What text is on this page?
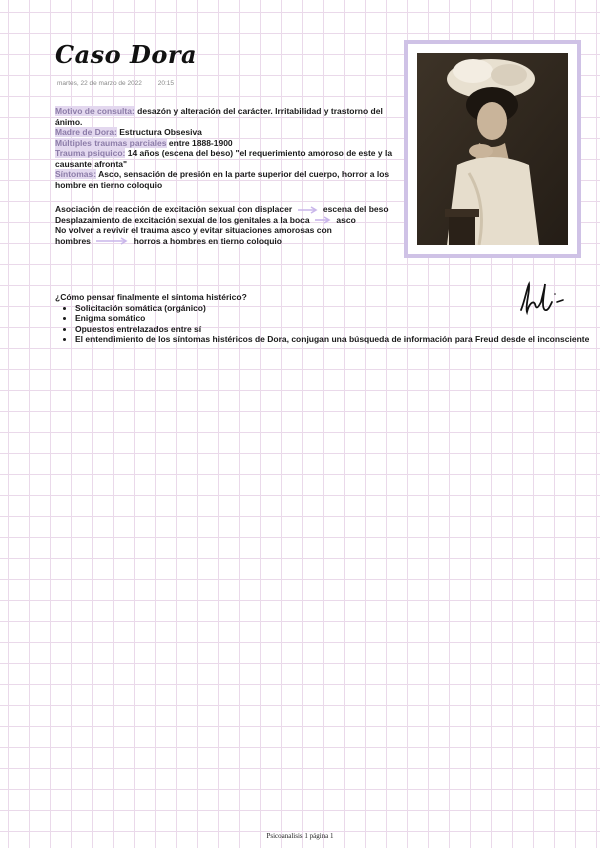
Caso Dora
martes, 22 de marzo de 2022 20:15

Motivo de consulta: desazón y alteración del carácter. Irritabilidad y trastorno del ánimo.

Madre de Dora: Estructura Obsesiva

Múltiples traumas parciales entre 1888-1900

Trauma psiquico: 14 años (escena del beso) "el requerimiento amoroso de este y la causante afronta"

Síntomas: Asco, sensación de presión en la parte superior del cuerpo, horror a los hombre en tierno coloquio

Asociación de reacción de excitación sexual con displacer	escena del beso

Desplazamiento de excitación sexual de los genitales a la boca	asco

No volver a revivir el trauma asco y evitar situaciones amorosas con

hombres	horros a hombres en tierno coloquio

¿Cómo pensar finalmente el síntoma histérico?
• Solicitación somática (orgánico)
• Enigma somático
• Opuestos entrelazados entre sí
• El entendimiento de los síntomas histéricos de Dora, conjugan una búsqueda de información para Freud desde el inconsciente
Psicoanalisis 1 página 1
